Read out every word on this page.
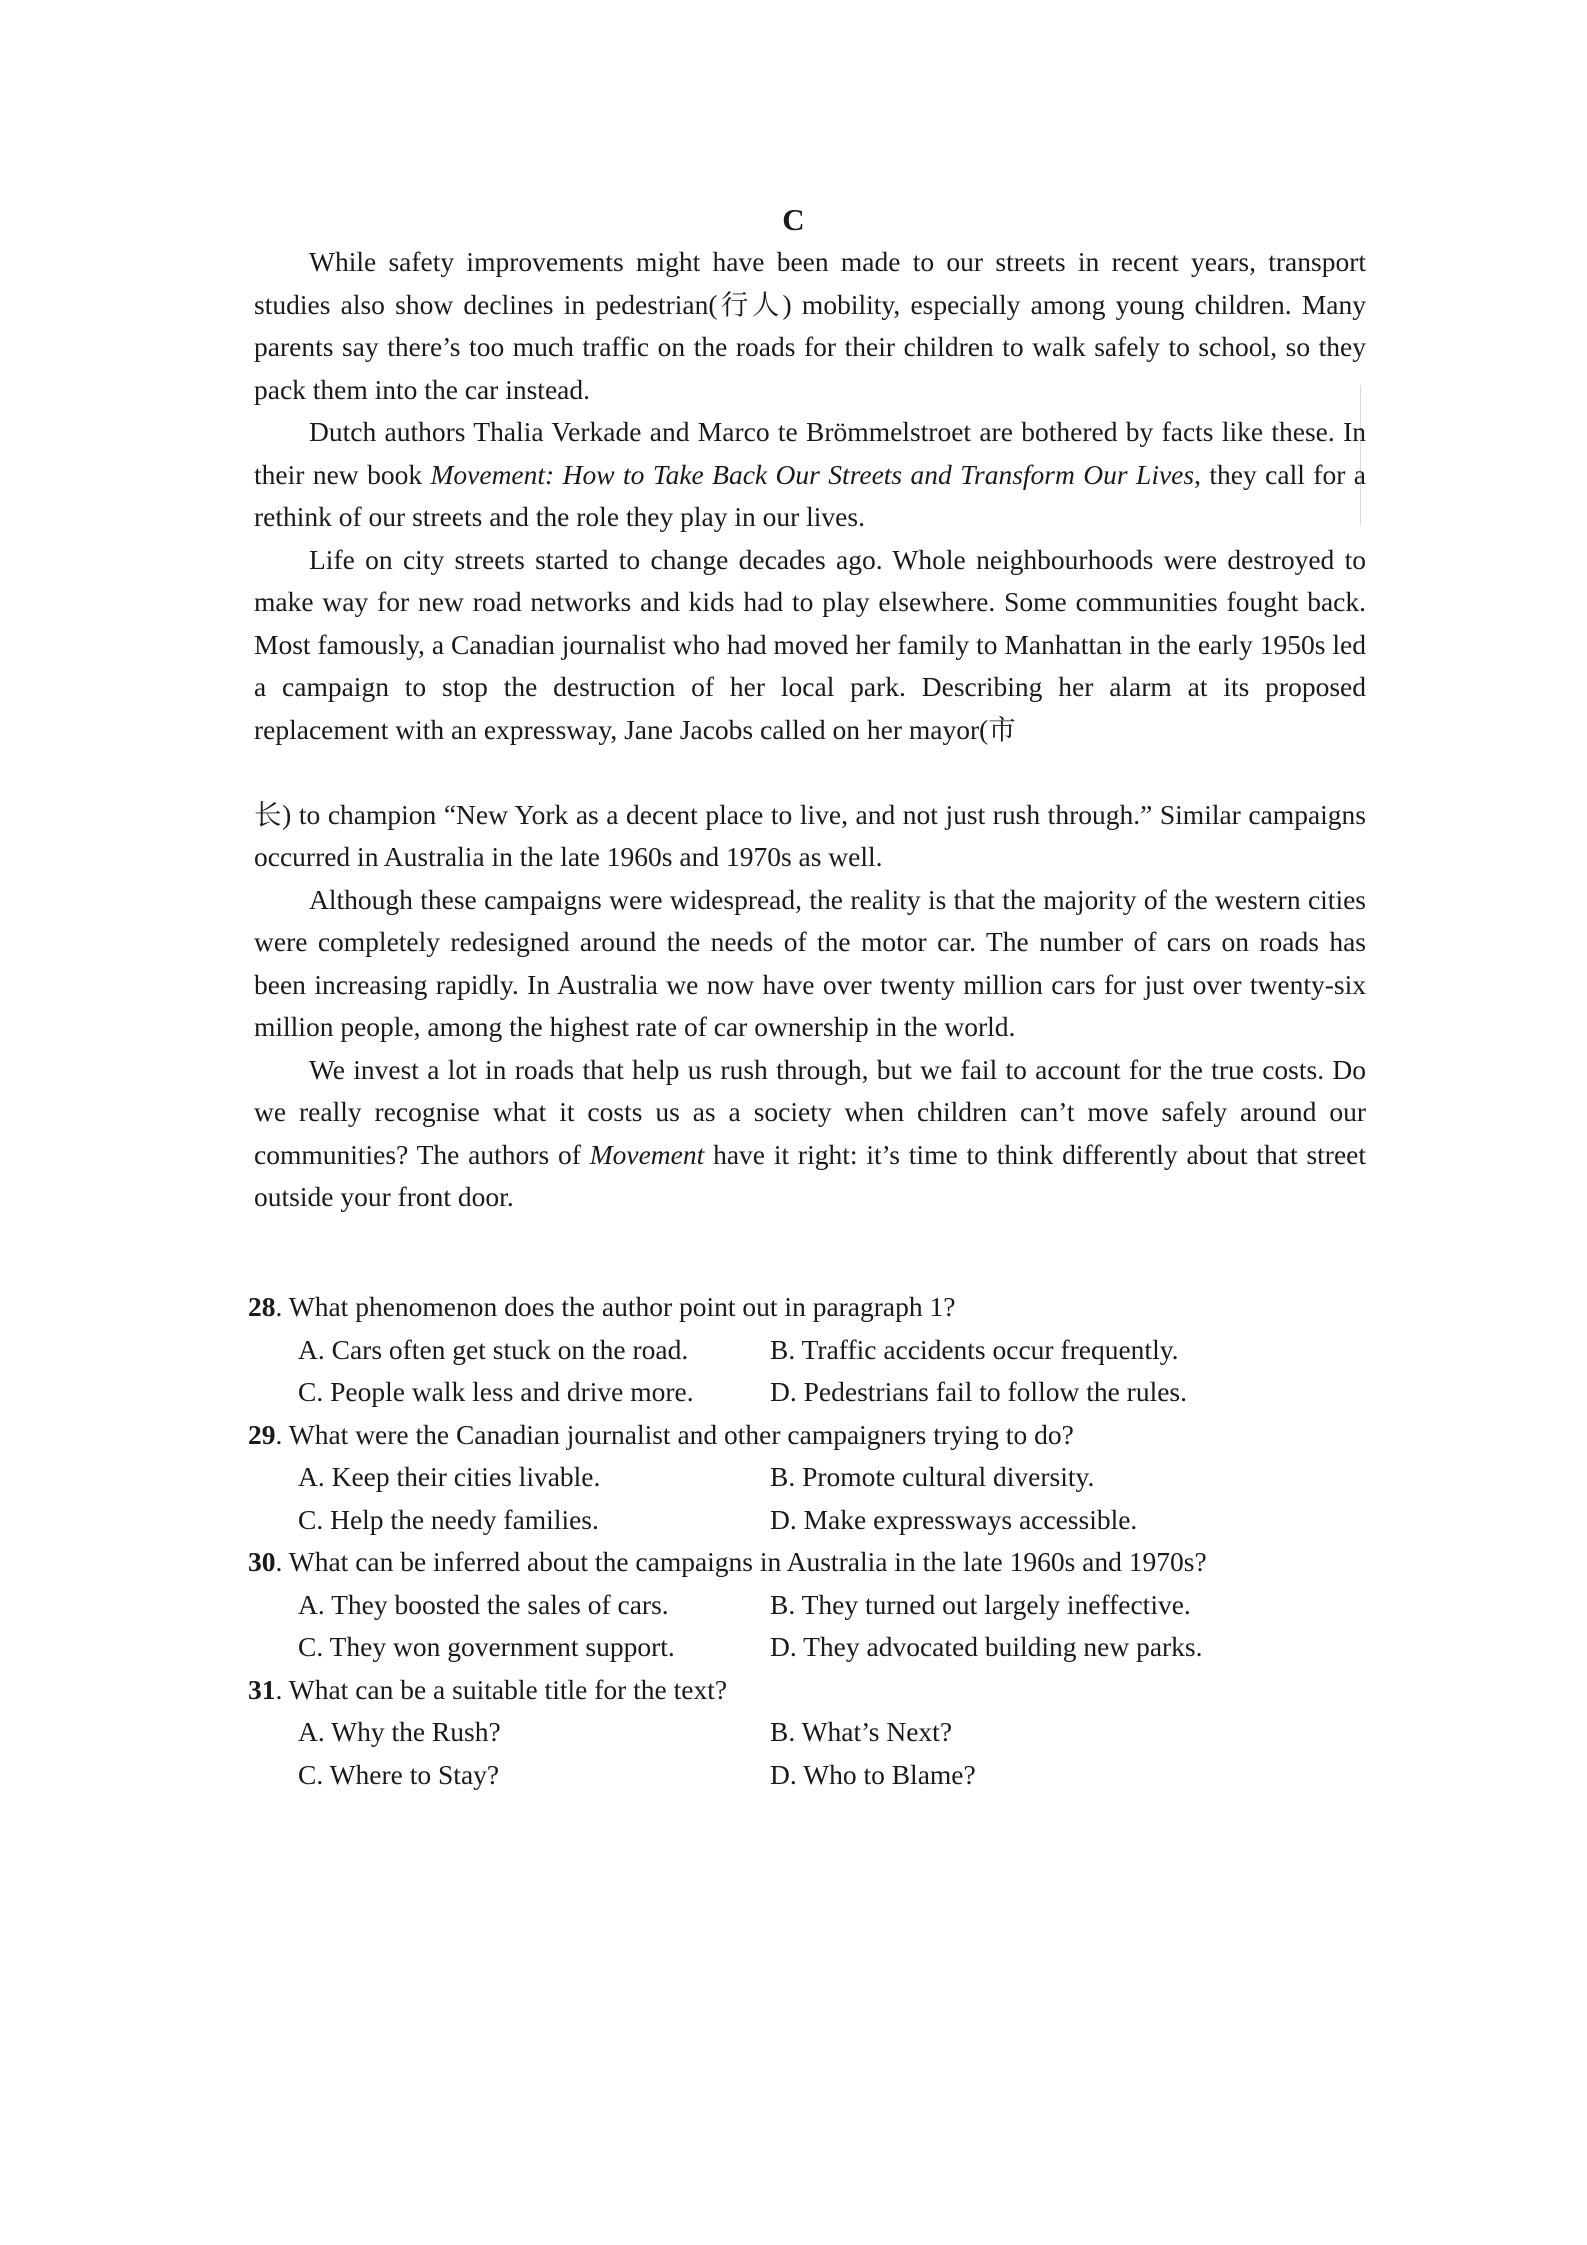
C

While safety improvements might have been made to our streets in recent years, transport studies also show declines in pedestrian(行人) mobility, especially among young children. Many parents say there’s too much traffic on the roads for their children to walk safely to school, so they pack them into the car instead.

Dutch authors Thalia Verkade and Marco te Brömmelstroet are bothered by facts like these. In their new book Movement: How to Take Back Our Streets and Transform Our Lives, they call for a rethink of our streets and the role they play in our lives.

Life on city streets started to change decades ago. Whole neighbourhoods were destroyed to make way for new road networks and kids had to play elsewhere. Some communities fought back. Most famously, a Canadian journalist who had moved her family to Manhattan in the early 1950s led a campaign to stop the destruction of her local park. Describing her alarm at its proposed replacement with an expressway, Jane Jacobs called on her mayor(市

长) to champion “New York as a decent place to live, and not just rush through.” Similar campaigns occurred in Australia in the late 1960s and 1970s as well.

Although these campaigns were widespread, the reality is that the majority of the western cities were completely redesigned around the needs of the motor car. The number of cars on roads has been increasing rapidly. In Australia we now have over twenty million cars for just over twenty-six million people, among the highest rate of car ownership in the world.

We invest a lot in roads that help us rush through, but we fail to account for the true costs. Do we really recognise what it costs us as a society when children can’t move safely around our communities? The authors of Movement have it right: it’s time to think differently about that street outside your front door.

28. What phenomenon does the author point out in paragraph 1?
A. Cars often get stuck on the road.	B. Traffic accidents occur frequently.
C. People walk less and drive more.	D. Pedestrians fail to follow the rules.
29. What were the Canadian journalist and other campaigners trying to do?
A. Keep their cities livable.	B. Promote cultural diversity.
C. Help the needy families.	D. Make expressways accessible.
30. What can be inferred about the campaigns in Australia in the late 1960s and 1970s?
A. They boosted the sales of cars.	B. They turned out largely ineffective.
C. They won government support.	D. They advocated building new parks.
31. What can be a suitable title for the text?
A. Why the Rush?	B. What’s Next?
C. Where to Stay?	D. Who to Blame?
